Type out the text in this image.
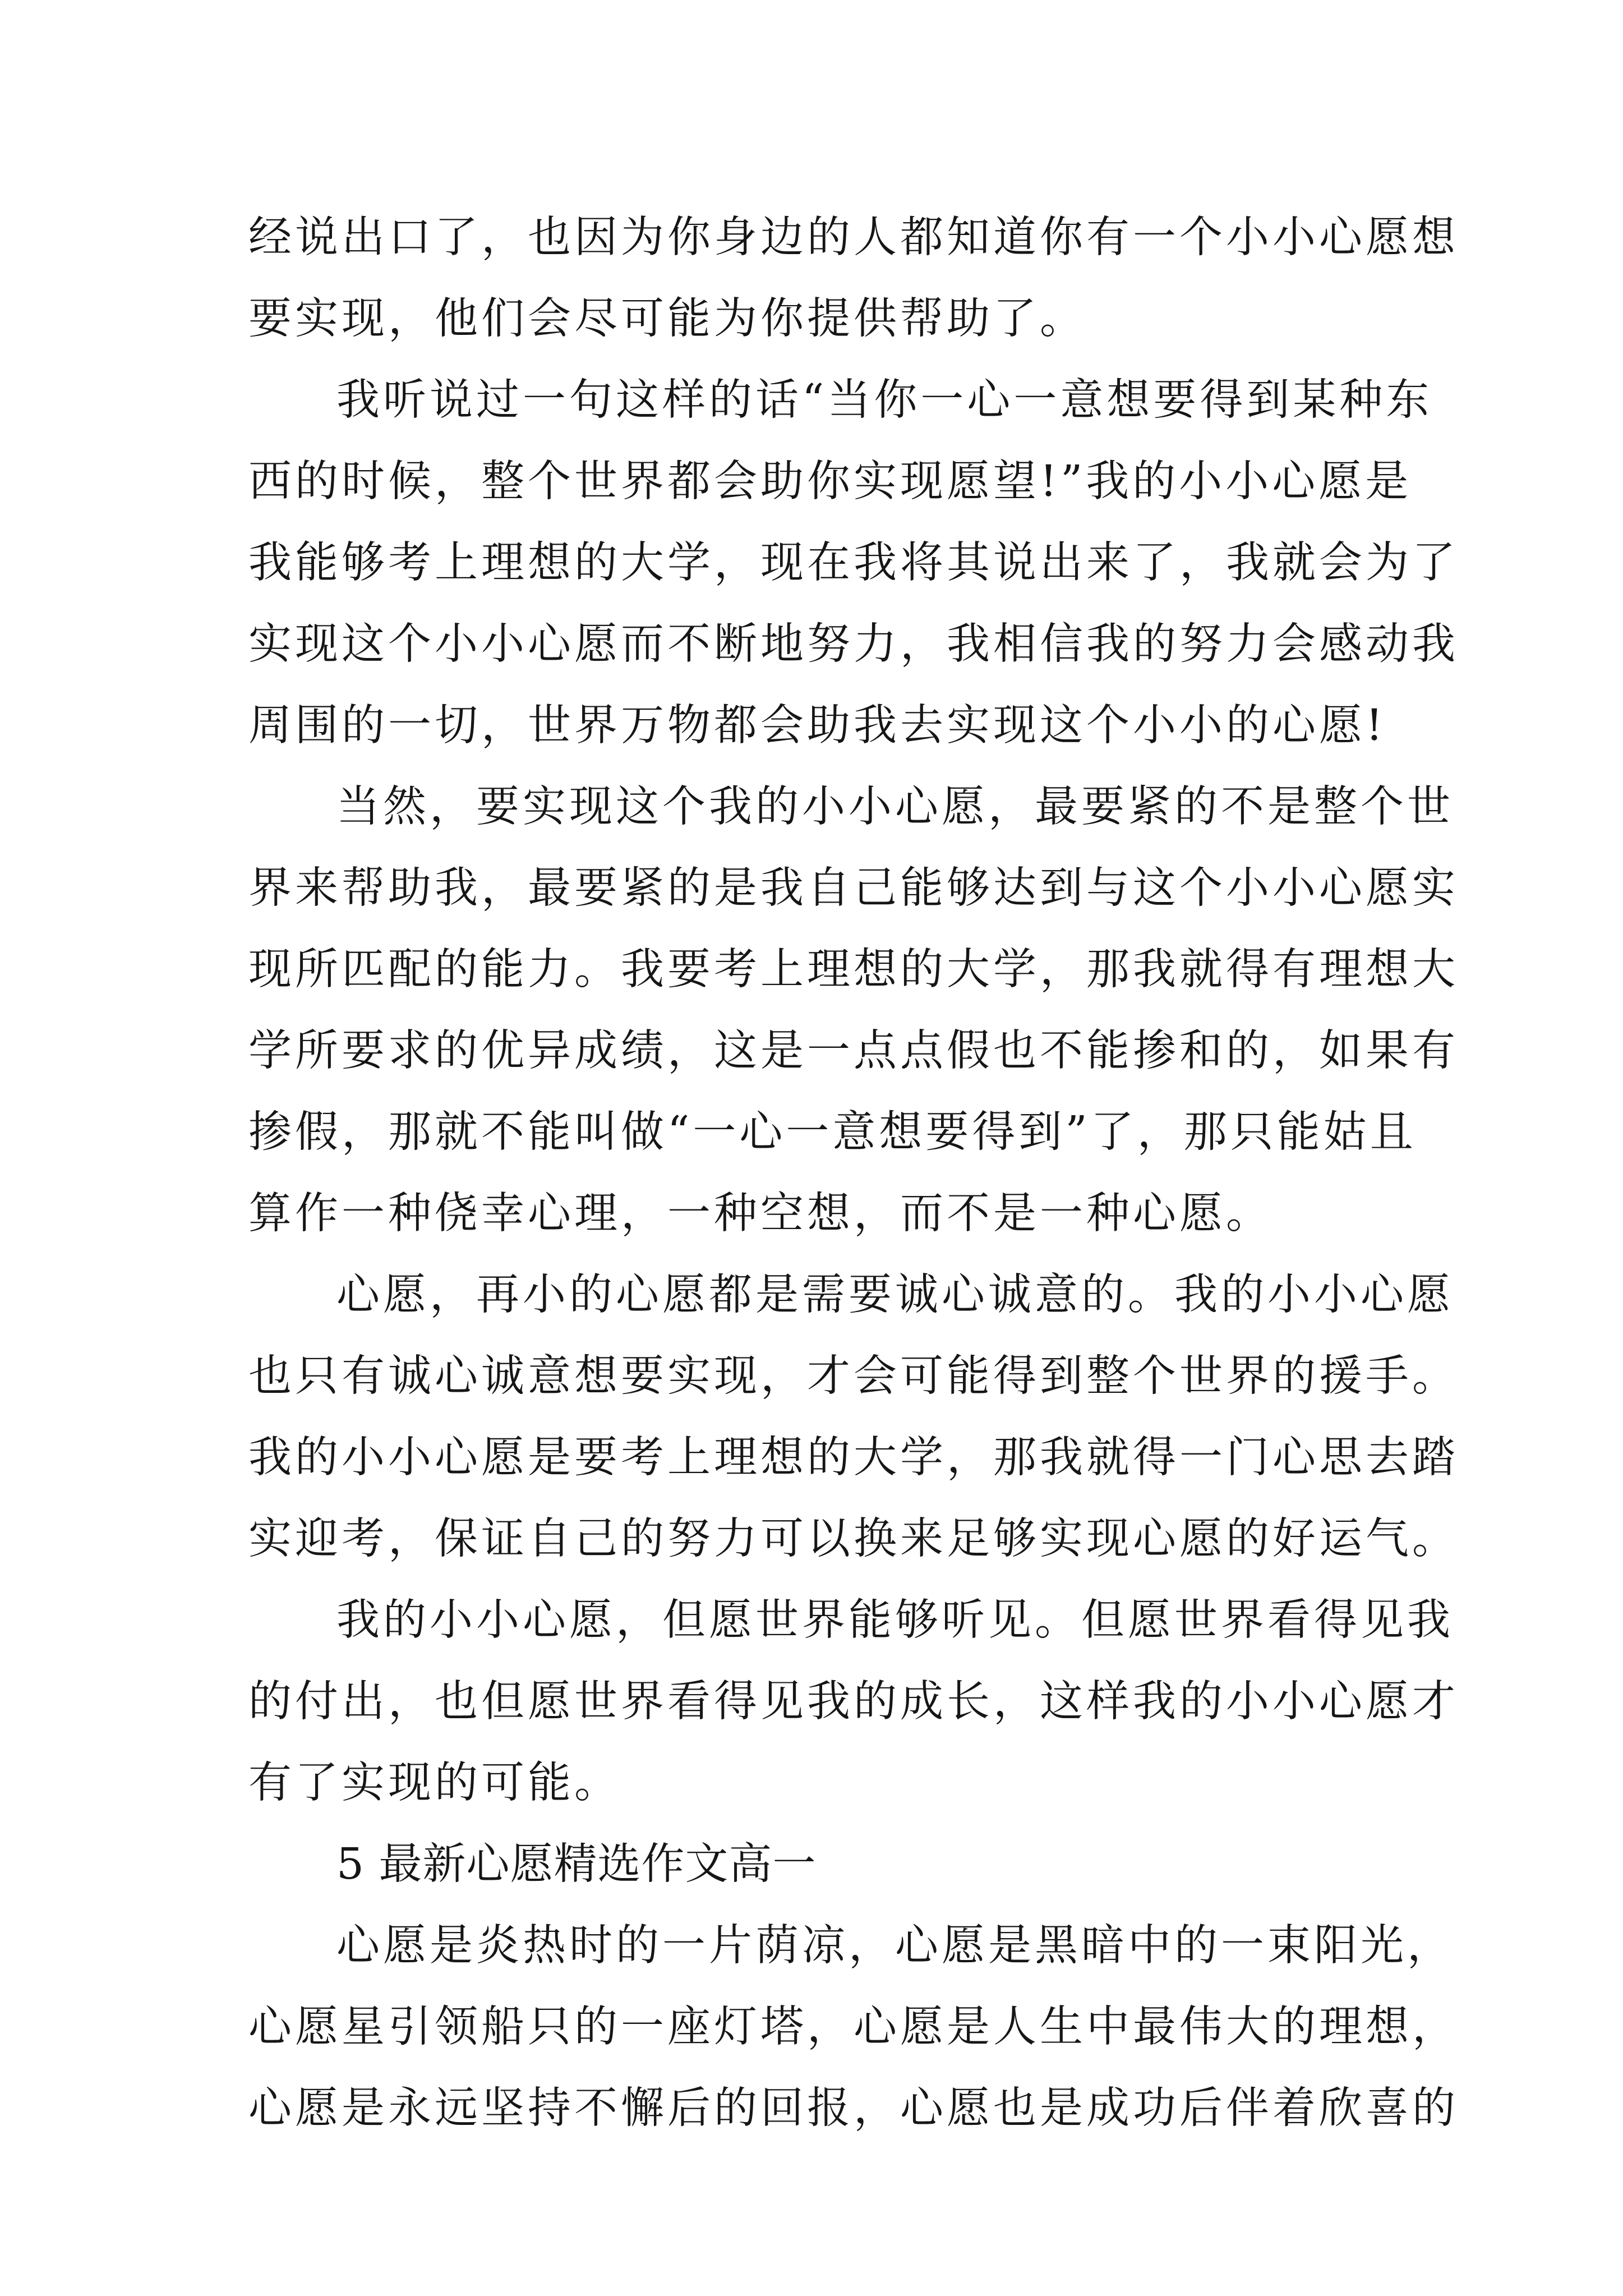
经说出口了，也因为你身边的人都知道你有一个小小心愿想

要实现，他们会尽可能为你提供帮助了。

我听说过一句这样的话“当你一心一意想要得到某种东

西的时候，整个世界都会助你实现愿望!”我的小小心愿是

我能够考上理想的大学，现在我将其说出来了，我就会为了

实现这个小小心愿而不断地努力，我相信我的努力会感动我

周围的一切，世界万物都会助我去实现这个小小的心愿!

当然，要实现这个我的小小心愿，最要紧的不是整个世

界来帮助我，最要紧的是我自己能够达到与这个小小心愿实

现所匹配的能力。我要考上理想的大学，那我就得有理想大

学所要求的优异成绩，这是一点点假也不能掺和的，如果有

掺假，那就不能叫做“一心一意想要得到”了，那只能姑且

算作一种侥幸心理，一种空想，而不是一种心愿。

心愿，再小的心愿都是需要诚心诚意的。我的小小心愿

也只有诚心诚意想要实现，才会可能得到整个世界的援手。

我的小小心愿是要考上理想的大学，那我就得一门心思去踏

实迎考，保证自己的努力可以换来足够实现心愿的好运气。

我的小小心愿，但愿世界能够听见。但愿世界看得见我

的付出，也但愿世界看得见我的成长，这样我的小小心愿才

有了实现的可能。

5 最新心愿精选作文高一

心愿是炎热时的一片荫凉，心愿是黑暗中的一束阳光，

心愿星引领船只的一座灯塔，心愿是人生中最伟大的理想，

心愿是永远坚持不懈后的回报，心愿也是成功后伴着欣喜的
